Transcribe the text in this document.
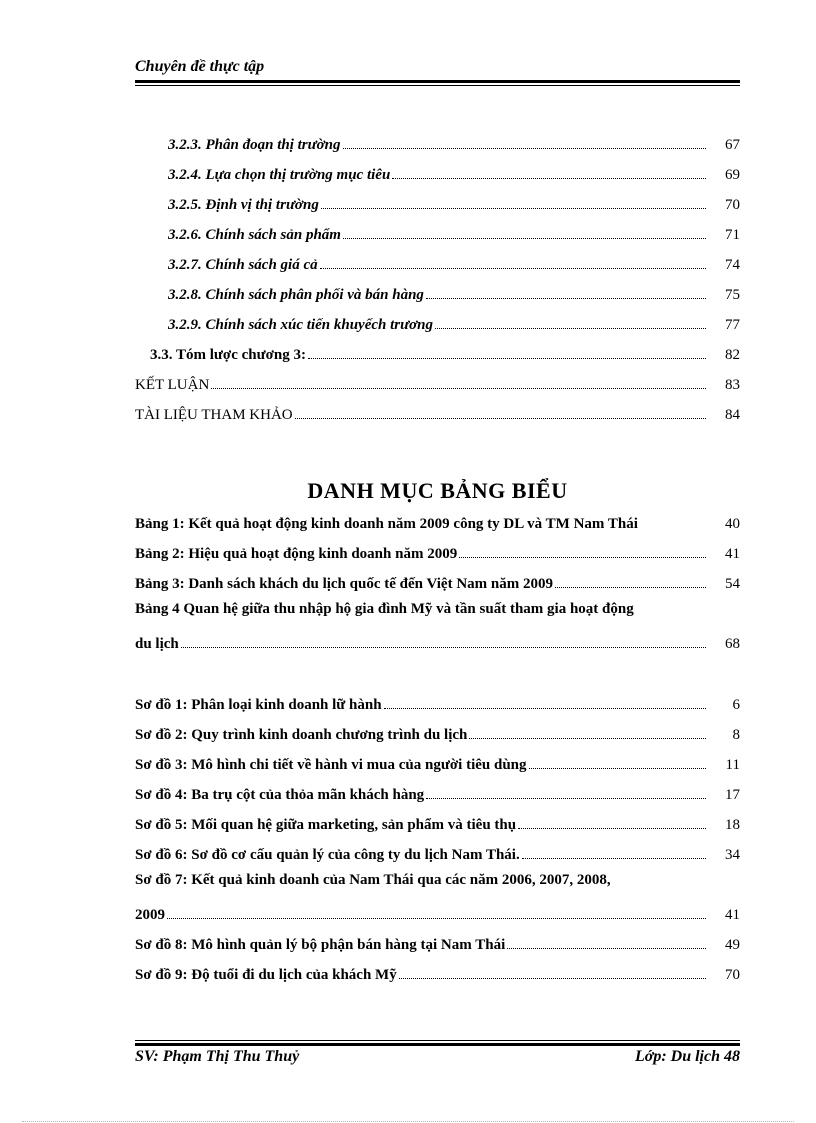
Chuyên đề thực tập
3.2.3. Phân đoạn thị trường	67
3.2.4. Lựa chọn thị trường mục tiêu	69
3.2.5. Định vị thị trường	70
3.2.6. Chính sách sản phẩm	71
3.2.7. Chính sách giá cả	74
3.2.8. Chính sách phân phối và bán hàng	75
3.2.9. Chính sách xúc tiến khuyếch trương	77
3.3. Tóm lược chương 3:	82
KẾT LUẬN	83
TÀI LIỆU THAM KHẢO	84
DANH MỤC BẢNG BIỂU
Bảng 1: Kết quả hoạt động kinh doanh năm 2009 công ty DL và TM Nam Thái	40
Bảng 2: Hiệu quả hoạt động kinh doanh năm 2009	41
Bảng 3: Danh sách khách du lịch quốc tế đến Việt Nam năm 2009	54
Bảng 4 Quan hệ giữa thu nhập hộ gia đình Mỹ và tần suất tham gia hoạt động
du lịch	68
Sơ đồ 1: Phân loại kinh doanh lữ hành	6
Sơ đồ 2: Quy trình kinh doanh chương trình du lịch	8
Sơ đồ 3: Mô hình chi tiết về hành vi mua của người tiêu dùng	11
Sơ đồ 4: Ba trụ cột của thỏa mãn khách hàng	17
Sơ đồ 5: Mối quan hệ giữa marketing, sản phẩm và tiêu thụ	18
Sơ đồ 6: Sơ đồ cơ cấu quản lý của công ty du lịch Nam Thái.	34
Sơ đồ 7: Kết quả kinh doanh của Nam Thái qua các năm 2006, 2007, 2008,
2009	41
Sơ đồ 8: Mô hình quản lý bộ phận bán hàng tại Nam Thái	49
Sơ đồ 9: Độ tuổi đi du lịch của khách Mỹ	70
SV: Phạm Thị Thu Thuỷ	Lớp: Du lịch 48
